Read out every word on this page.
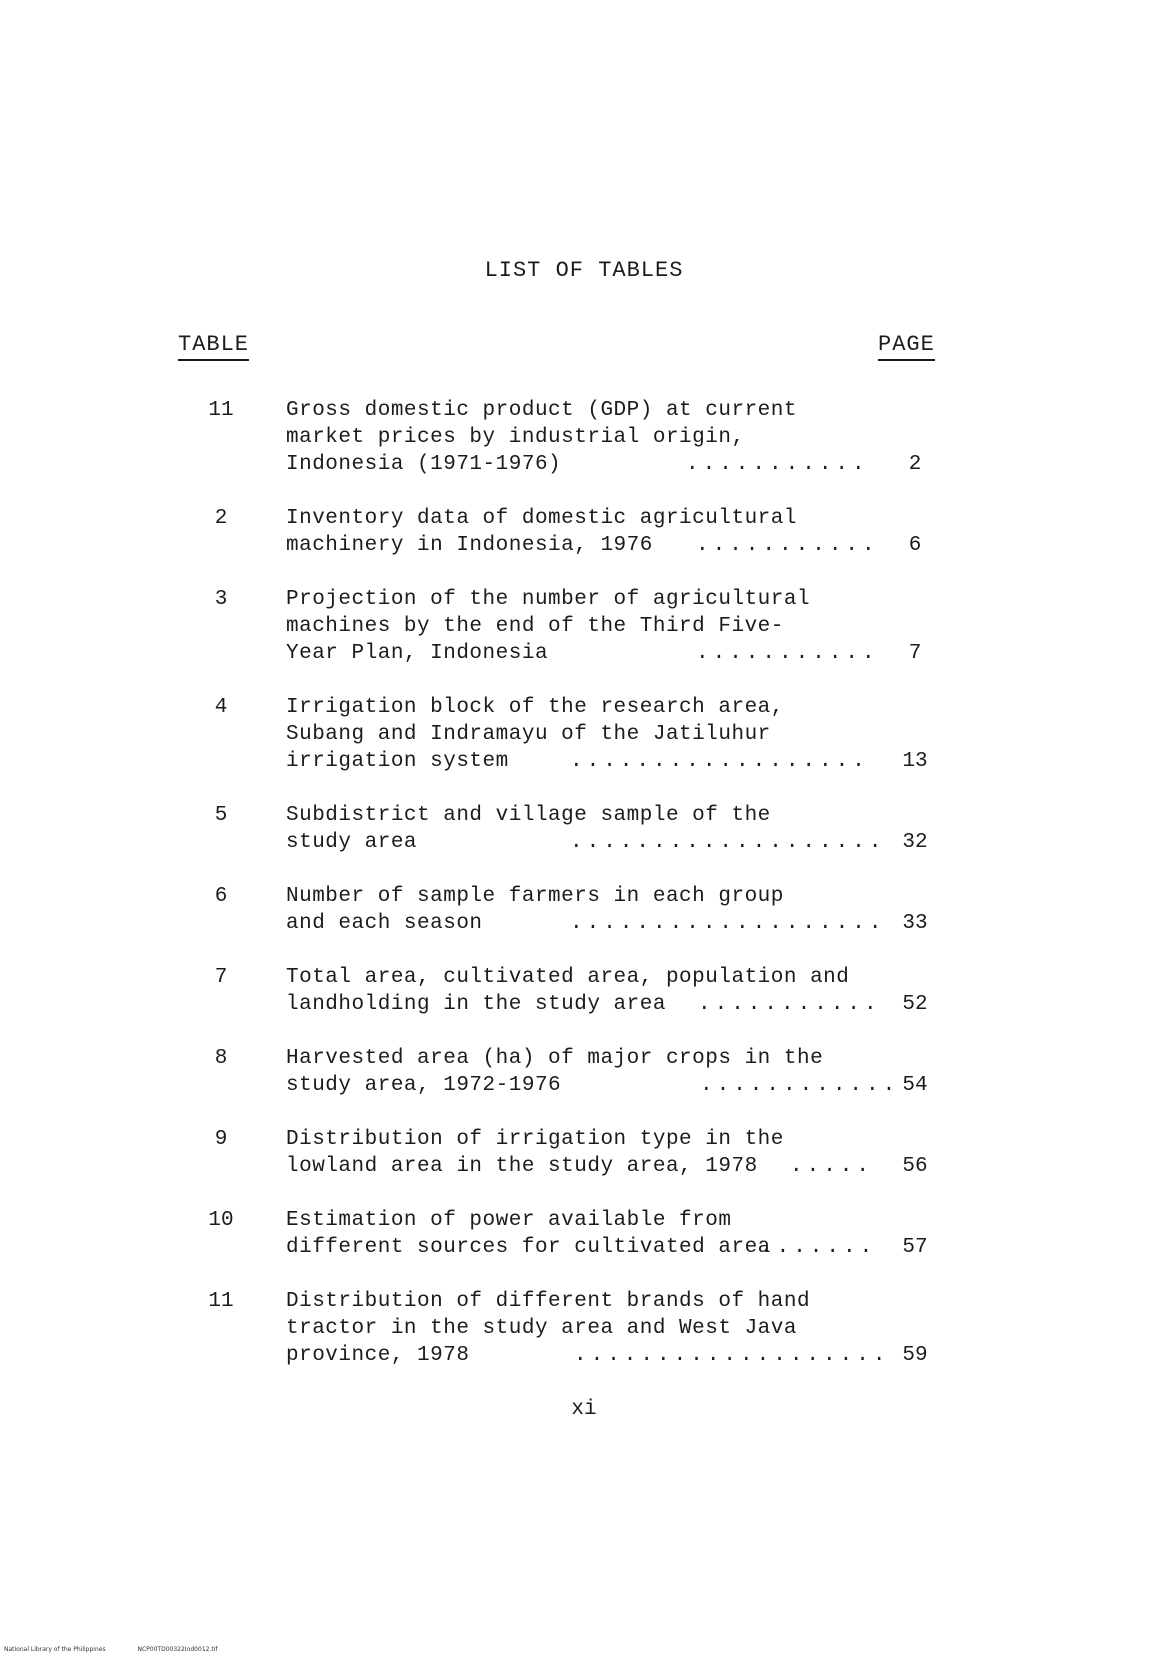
LIST OF TABLES
TABLE	PAGE
11	Gross domestic product (GDP) at current
market prices by industrial origin,
Indonesia (1971-1976)	...........	2
2	Inventory data of domestic agricultural
machinery in Indonesia, 1976	...........	6
3	Projection of the number of agricultural
machines by the end of the Third Five-
Year Plan, Indonesia	...........	7
4	Irrigation block of the research area,
Subang and Indramayu of the Jatiluhur
irrigation system	..................	13
5	Subdistrict and village sample of the
study area	................... 32
6	Number of sample farmers in each group
and each season	................... 33
7	Total area, cultivated area, population and
landholding in the study area	...........	52
8	Harvested area (ha) of major crops in the
study area, 1972-1976	............ 54
9	Distribution of irrigation type in the
lowland area in the study area, 1978	.....	56
10	Estimation of power available from
different sources for cultivated area
.......	57
11	Distribution of different brands of hand
tractor in the study area and West Java
province, 1978	................... 59
xi
National Library of the Philippines	NCP00TD00322Ind0012.tif
